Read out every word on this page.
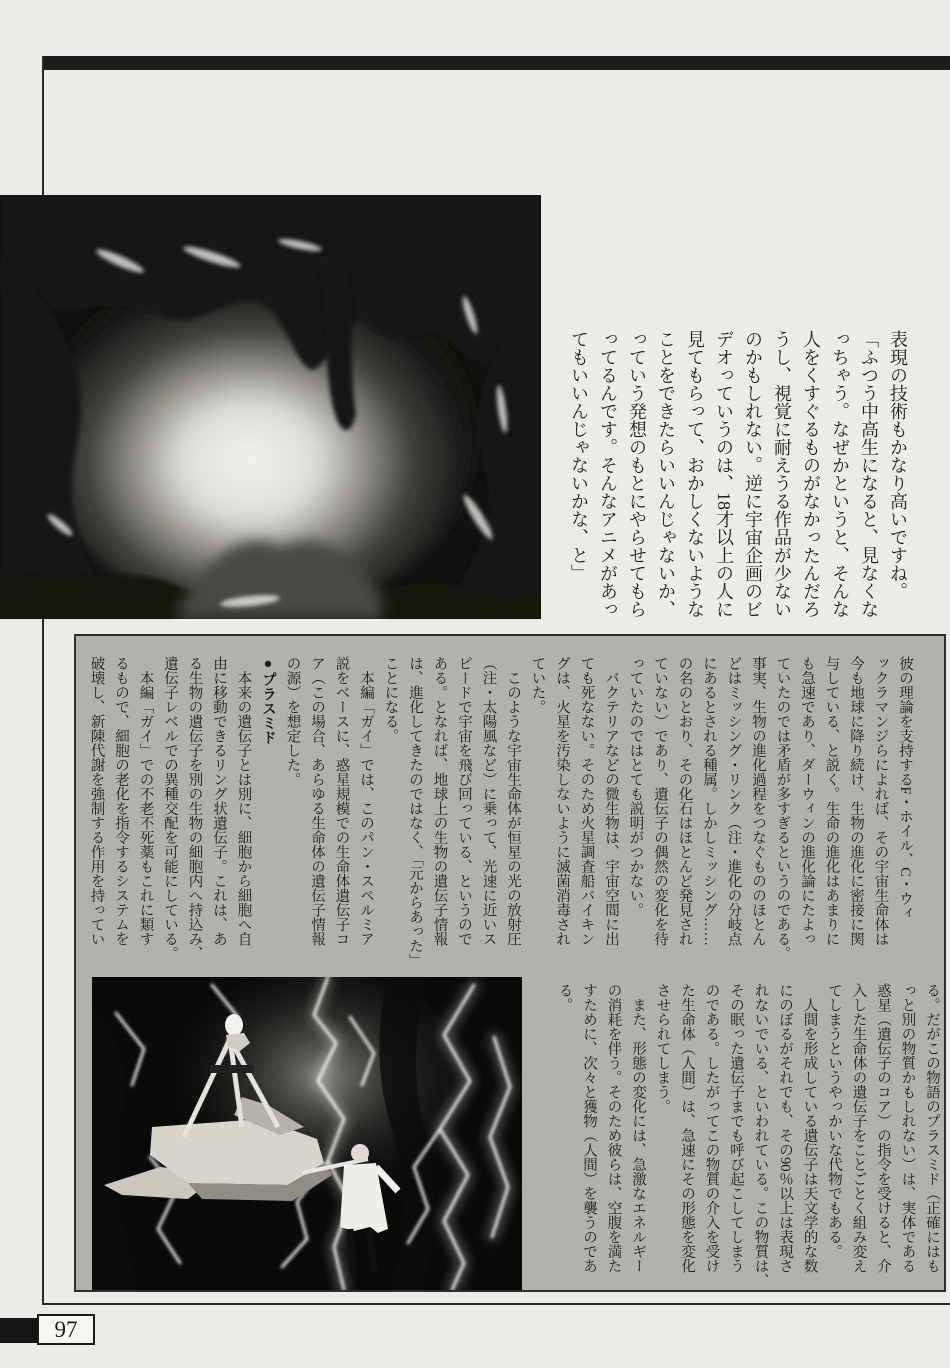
表現の技術もかなり高いですね。
「ふつう中高生になると、見なくな
っちゃう。なぜかというと、そんな
人をくすぐるものがなかったんだろ
うし、視覚に耐えうる作品が少ない
のかもしれない。逆に宇宙企画のビ
デオっていうのは、18才以上の人に
見てもらって、おかしくないような
ことをできたらいいんじゃないか、
っていう発想のもとにやらせてもら
ってるんです。そんなアニメがあっ
てもいいんじゃないかな、と」
彼の理論を支持するF・ホイル、C・ウィ
ックラマンジらによれば、その宇宙生命体は
今も地球に降り続け、生物の進化に密接に関
与している、と説く。生命の進化はあまりに
も急速であり、ダーウィンの進化論にたよっ
ていたのでは矛盾が多すぎるというのである。
事実、生物の進化過程をつなぐもののほとん
どはミッシング・リンク（注・進化の分岐点
にあるとされる種属。しかしミッシング……
の名のとおり、その化石はほとんど発見され
ていない）であり、遺伝子の偶然の変化を待
っていたのではとても説明がつかない。
　バクテリアなどの微生物は、宇宙空間に出
ても死なない。そのため火星調査船バイキン
グは、火星を汚染しないように滅菌消毒され
ていた。
　このような宇宙生命体が恒星の光の放射圧
（注・太陽風など）に乗って、光速に近いス
ピードで宇宙を飛び回っている、というので
ある。となれば、地球上の生物の遺伝子情報
は、進化してきたのではなく、「元からあった」
ことになる。
　本編「ガイ」では、このパン・スペルミア
説をベースに、惑星規模での生命体遺伝子コ
ア（この場合、あらゆる生命体の遺伝子情報
の源）を想定した。
●プラスミド
　本来の遺伝子とは別に、細胞から細胞へ自
由に移動できるリング状遺伝子。これは、あ
る生物の遺伝子を別の生物の細胞内へ持込み、
遺伝子レベルでの異種交配を可能にしている。
　本編「ガイ」での不老不死薬もこれに類す
るもので、細胞の老化を指令するシステムを
破壊し、新陳代謝を強制する作用を持ってい
る。だがこの物語のプラスミド（正確にはも
っと別の物質かもしれない）は、実体である
惑星（遺伝子のコア）の指令を受けると、介
入した生命体の遺伝子をことごとく組み変え
てしまうというやっかいな代物でもある。
　人間を形成している遺伝子は天文学的な数
にのぼるがそれでも、その90％以上は表現さ
れないでいる、といわれている。この物質は、
その眠った遺伝子までも呼び起こしてしまう
のである。したがってこの物質の介入を受け
た生命体（人間）は、急速にその形態を変化
させられてしまう。
　また、形態の変化には、急激なエネルギー
の消耗を伴う。そのため彼らは、空腹を満た
すために、次々と獲物（人間）を襲うのであ
る。
97
